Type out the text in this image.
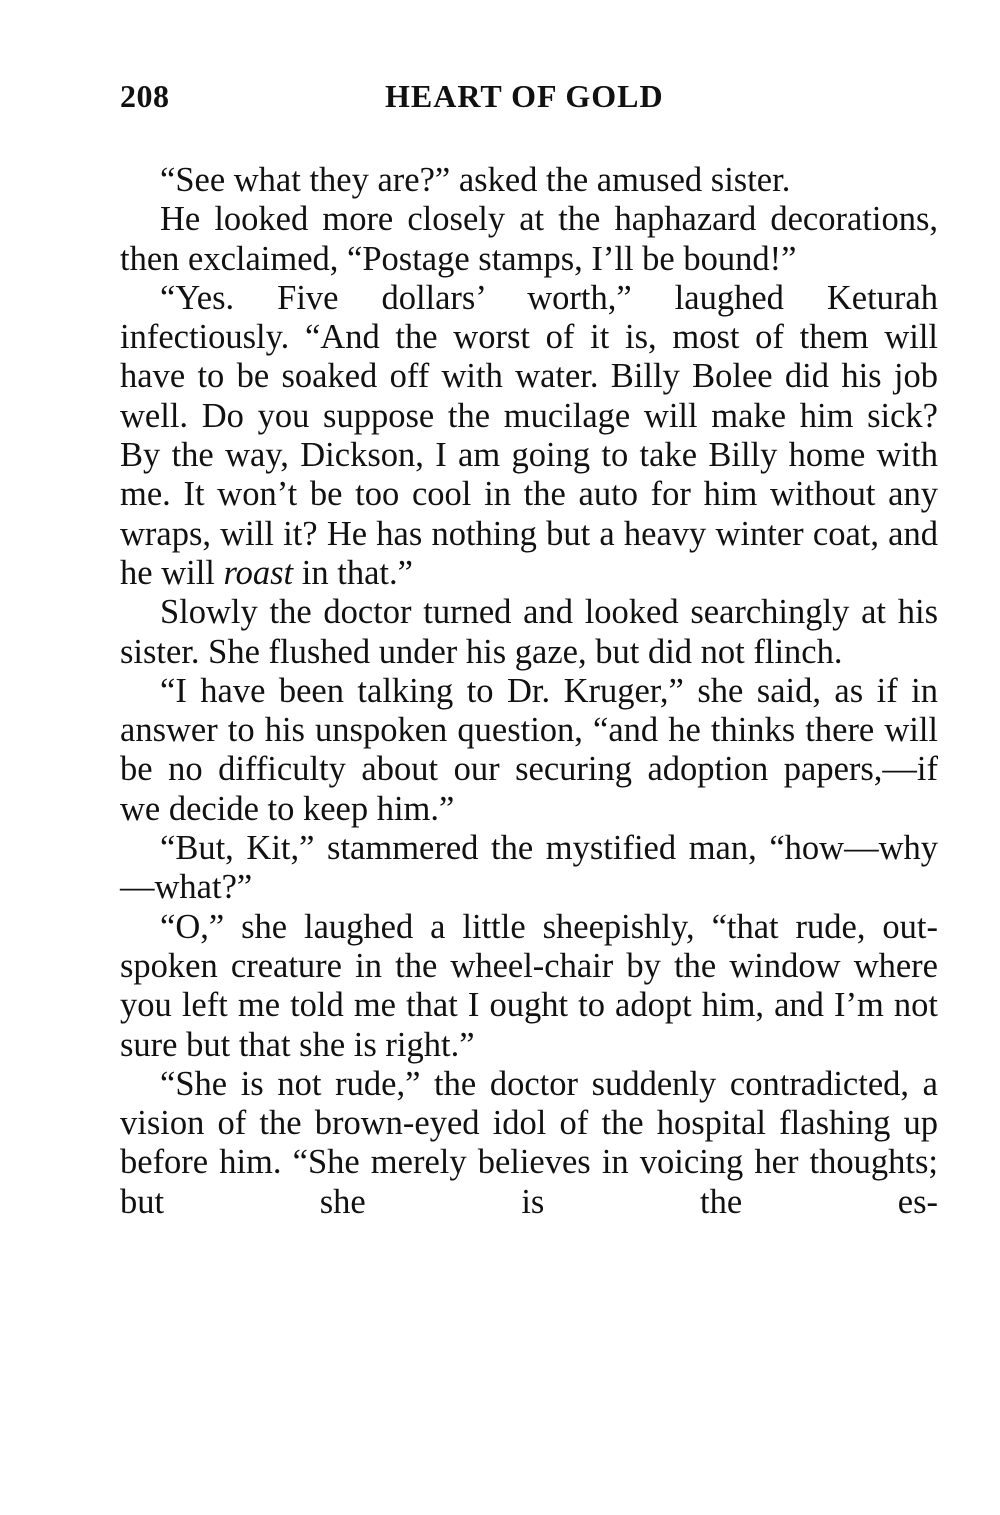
208	HEART OF GOLD

“See what they are?” asked the amused sister.

He looked more closely at the haphazard decorations, then exclaimed, “Postage stamps, I’ll be bound!”

“Yes. Five dollars’ worth,” laughed Keturah infectiously. “And the worst of it is, most of them will have to be soaked off with water. Billy Bolee did his job well. Do you suppose the mucilage will make him sick? By the way, Dickson, I am going to take Billy home with me. It won’t be too cool in the auto for him without any wraps, will it? He has nothing but a heavy winter coat, and he will roast in that.”

Slowly the doctor turned and looked searchingly at his sister. She flushed under his gaze, but did not flinch.

“I have been talking to Dr. Kruger,” she said, as if in answer to his unspoken question, “and he thinks there will be no difficulty about our securing adoption papers,—if we decide to keep him.”

“But, Kit,” stammered the mystified man, “how—why—what?”

“O,” she laughed a little sheepishly, “that rude, out-spoken creature in the wheel-chair by the window where you left me told me that I ought to adopt him, and I’m not sure but that she is right.”

“She is not rude,” the doctor suddenly contradicted, a vision of the brown-eyed idol of the hospital flashing up before him. “She merely believes in voicing her thoughts; but she is the es-
